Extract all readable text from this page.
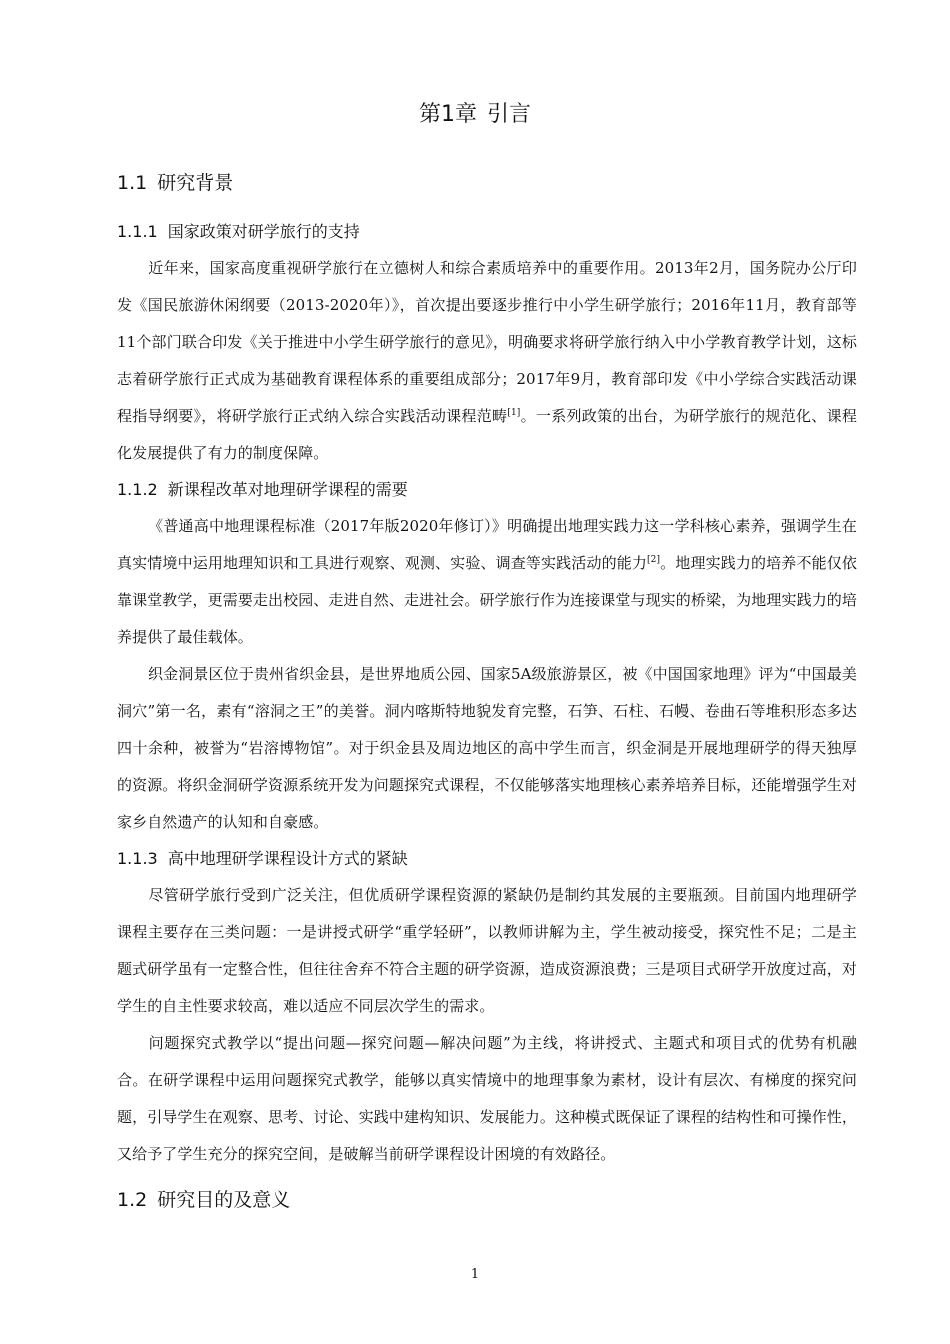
第1章 引言
1.1 研究背景
1.1.1 国家政策对研学旅行的支持

近年来，国家高度重视研学旅行在立德树人和综合素质培养中的重要作用。2013年2月，国务院办公厅印发《国民旅游休闲纲要（2013-2020年）》，首次提出要逐步推行中小学生研学旅行；2016年11月，教育部等11个部门联合印发《关于推进中小学生研学旅行的意见》，明确要求将研学旅行纳入中小学教育教学计划，这标志着研学旅行正式成为基础教育课程体系的重要组成部分；2017年9月，教育部印发《中小学综合实践活动课程指导纲要》，将研学旅行正式纳入综合实践活动课程范畴[1]。一系列政策的出台，为研学旅行的规范化、课程化发展提供了有力的制度保障。

1.1.2 新课程改革对地理研学课程的需要

《普通高中地理课程标准（2017年版2020年修订）》明确提出地理实践力这一学科核心素养，强调学生在真实情境中运用地理知识和工具进行观察、观测、实验、调查等实践活动的能力[2]。地理实践力的培养不能仅依靠课堂教学，更需要走出校园、走进自然、走进社会。研学旅行作为连接课堂与现实的桥梁，为地理实践力的培养提供了最佳载体。

织金洞景区位于贵州省织金县，是世界地质公园、国家5A级旅游景区，被《中国国家地理》评为“中国最美洞穴”第一名，素有“溶洞之王”的美誉。洞内喀斯特地貌发育完整，石笋、石柱、石幔、卷曲石等堆积形态多达四十余种，被誉为“岩溶博物馆”。对于织金县及周边地区的高中学生而言，织金洞是开展地理研学的得天独厚的资源。将织金洞研学资源系统开发为问题探究式课程，不仅能够落实地理核心素养培养目标，还能增强学生对家乡自然遗产的认知和自豪感。

1.1.3 高中地理研学课程设计方式的紧缺

尽管研学旅行受到广泛关注，但优质研学课程资源的紧缺仍是制约其发展的主要瓶颈。目前国内地理研学课程主要存在三类问题：一是讲授式研学“重学轻研”，以教师讲解为主，学生被动接受，探究性不足；二是主题式研学虽有一定整合性，但往往舍弃不符合主题的研学资源，造成资源浪费；三是项目式研学开放度过高，对学生的自主性要求较高，难以适应不同层次学生的需求。

问题探究式教学以“提出问题—探究问题—解决问题”为主线，将讲授式、主题式和项目式的优势有机融合。在研学课程中运用问题探究式教学，能够以真实情境中的地理事象为素材，设计有层次、有梯度的探究问题，引导学生在观察、思考、讨论、实践中建构知识、发展能力。这种模式既保证了课程的结构性和可操作性，又给予了学生充分的探究空间，是破解当前研学课程设计困境的有效路径。

1.2 研究目的及意义
1
